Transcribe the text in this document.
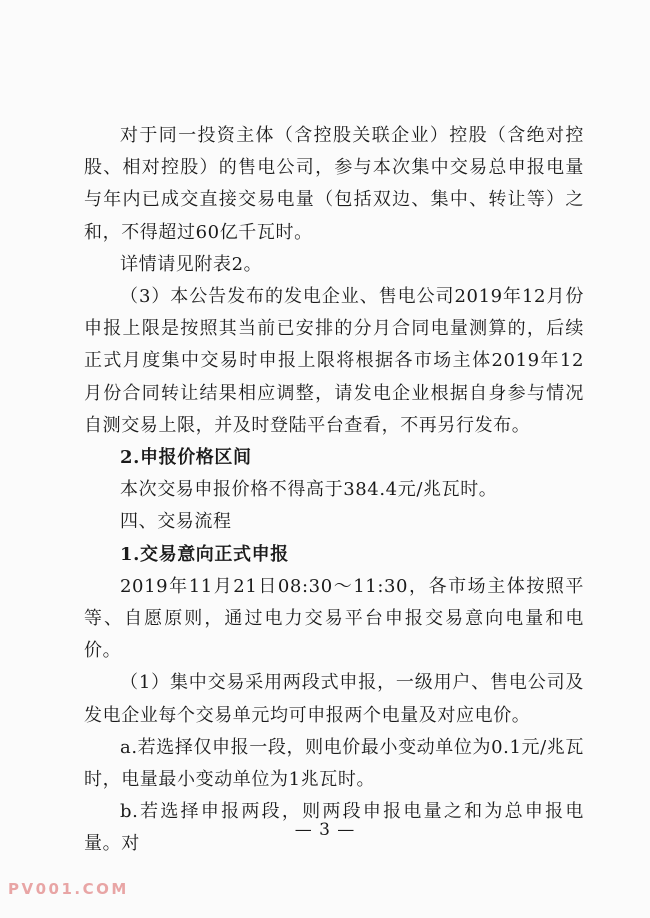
对于同一投资主体（含控股关联企业）控股（含绝对控股、相对控股）的售电公司，参与本次集中交易总申报电量与年内已成交直接交易电量（包括双边、集中、转让等）之和，不得超过60亿千瓦时。

详情请见附表2。

（3）本公告发布的发电企业、售电公司2019年12月份申报上限是按照其当前已安排的分月合同电量测算的，后续正式月度集中交易时申报上限将根据各市场主体2019年12月份合同转让结果相应调整，请发电企业根据自身参与情况自测交易上限，并及时登陆平台查看，不再另行发布。

2.申报价格区间

本次交易申报价格不得高于384.4元/兆瓦时。

四、交易流程

1.交易意向正式申报

2019年11月21日08:30～11:30，各市场主体按照平等、自愿原则，通过电力交易平台申报交易意向电量和电价。

（1）集中交易采用两段式申报，一级用户、售电公司及发电企业每个交易单元均可申报两个电量及对应电价。

a.若选择仅申报一段，则电价最小变动单位为0.1元/兆瓦时，电量最小变动单位为1兆瓦时。

b.若选择申报两段，则两段申报电量之和为总申报电量。对

— 3 —
PV001.COM
